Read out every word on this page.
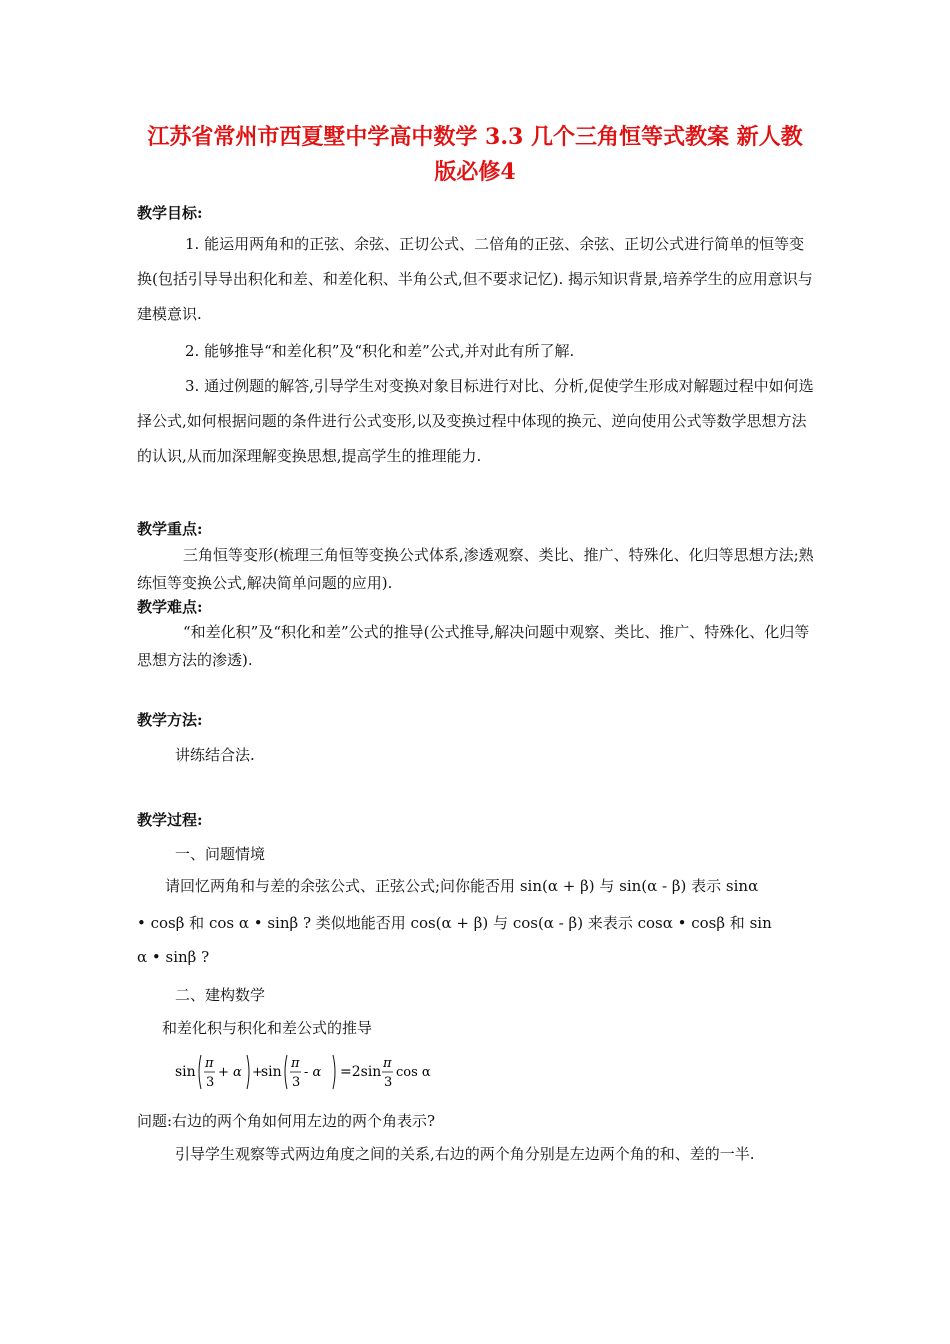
江苏省常州市西夏墅中学高中数学 3.3 几个三角恒等式教案 新人教
版必修4
教学目标:
1. 能运用两角和的正弦、余弦、正切公式、二倍角的正弦、余弦、正切公式进行简单的恒等变换(包括引导导出积化和差、和差化积、半角公式,但不要求记忆). 揭示知识背景,培养学生的应用意识与建模意识.
2. 能够推导“和差化积”及“积化和差”公式,并对此有所了解.
3. 通过例题的解答,引导学生对变换对象目标进行对比、分析,促使学生形成对解题过程中如何选择公式,如何根据问题的条件进行公式变形,以及变换过程中体现的换元、逆向使用公式等数学思想方法的认识,从而加深理解变换思想,提高学生的推理能力.
教学重点:
三角恒等变形(梳理三角恒等变换公式体系,渗透观察、类比、推广、特殊化、化归等思想方法;熟练恒等变换公式,解决简单问题的应用).
教学难点:
“和差化积”及“积化和差”公式的推导(公式推导,解决问题中观察、类比、推广、特殊化、化归等思想方法的渗透).
教学方法:
讲练结合法.
教学过程:
一、问题情境
请回忆两角和与差的余弦公式、正弦公式;问你能否用 sin(α + β) 与 sin(α - β) 表示 sinα
• cosβ 和 cos α • sinβ ? 类似地能否用 cos(α + β) 与 cos(α - β) 来表示 cosα • cosβ 和 sin
α • sinβ ?
二、建构数学
和差化积与积化和差公式的推导
sin
π
3
+ α +
sin
π
3
- α =2sin
π
3
cos α
问题:右边的两个角如何用左边的两个角表示?
引导学生观察等式两边角度之间的关系,右边的两个角分别是左边两个角的和、差的一半.
